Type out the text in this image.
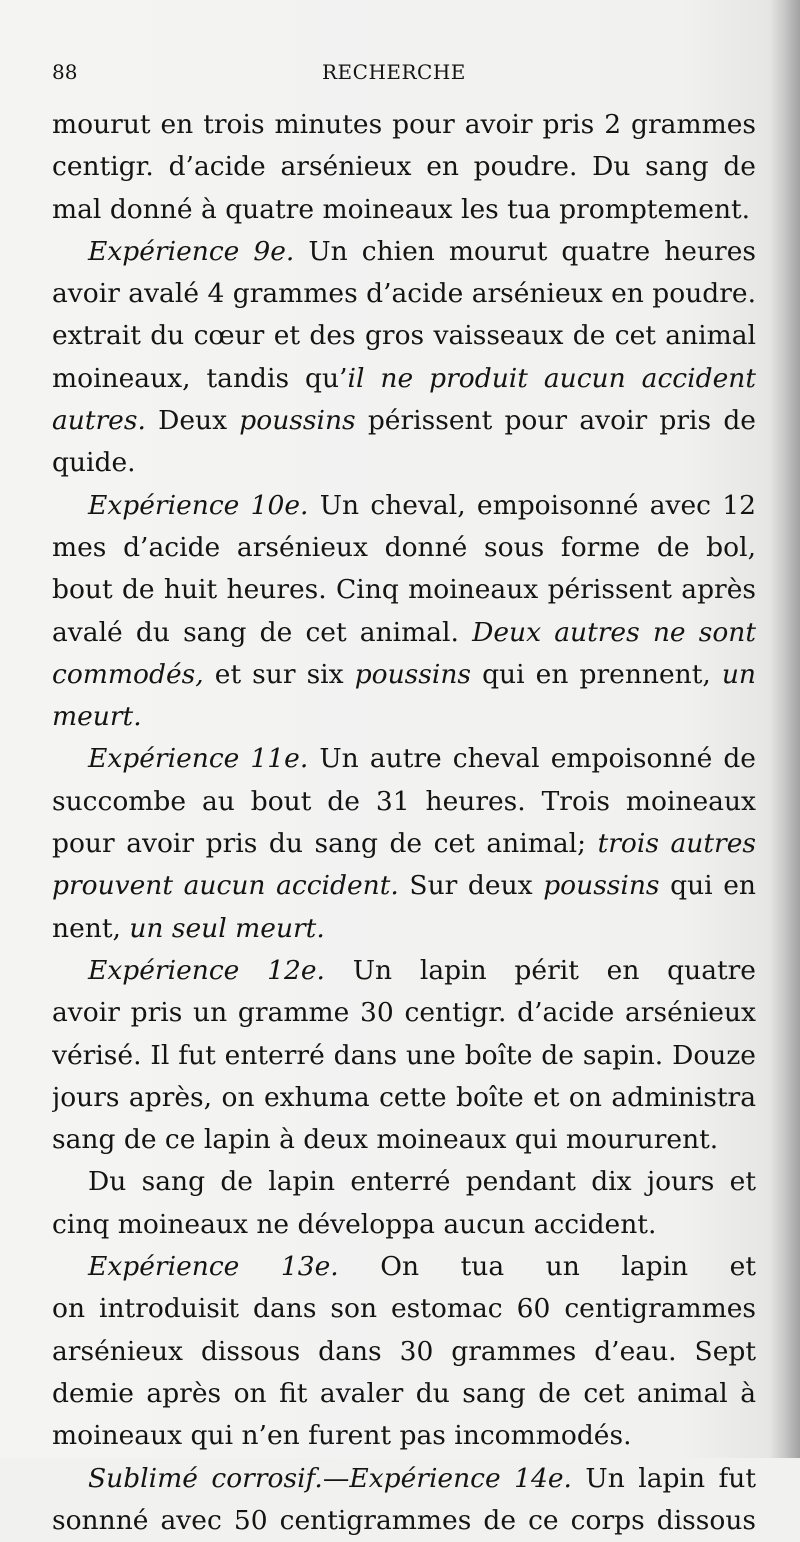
88	RECHERCHE
mourut en trois minutes pour avoir pris 2 grammes
centigr. d’acide arsénieux en poudre. Du sang de
mal donné à quatre moineaux les tua promptement.
Expérience 9e. Un chien mourut quatre heures
avoir avalé 4 grammes d’acide arsénieux en poudre.
extrait du cœur et des gros vaisseaux de cet animal
moineaux, tandis qu’il ne produit aucun accident
autres. Deux poussins périssent pour avoir pris de
quide.
Expérience 10e. Un cheval, empoisonné avec 12
mes d’acide arsénieux donné sous forme de bol,
bout de huit heures. Cinq moineaux périssent après
avalé du sang de cet animal. Deux autres ne sont
commodés, et sur six poussins qui en prennent, un
meurt.
Expérience 11e. Un autre cheval empoisonné de
succombe au bout de 31 heures. Trois moineaux
pour avoir pris du sang de cet animal; trois autres
prouvent aucun accident. Sur deux poussins qui en
nent, un seul meurt.
Expérience 12e. Un lapin périt en quatre
avoir pris un gramme 30 centigr. d’acide arsénieux
vérisé. Il fut enterré dans une boîte de sapin. Douze
jours après, on exhuma cette boîte et on administra
sang de ce lapin à deux moineaux qui moururent.
Du sang de lapin enterré pendant dix jours et
cinq moineaux ne développa aucun accident.
Expérience 13e. On tua un lapin et
on introduisit dans son estomac 60 centigrammes
arsénieux dissous dans 30 grammes d’eau. Sept
demie après on fit avaler du sang de cet animal à
moineaux qui n’en furent pas incommodés.
Sublimé corrosif.—Expérience 14e. Un lapin fut
sonnné avec 50 centigrammes de ce corps dissous
